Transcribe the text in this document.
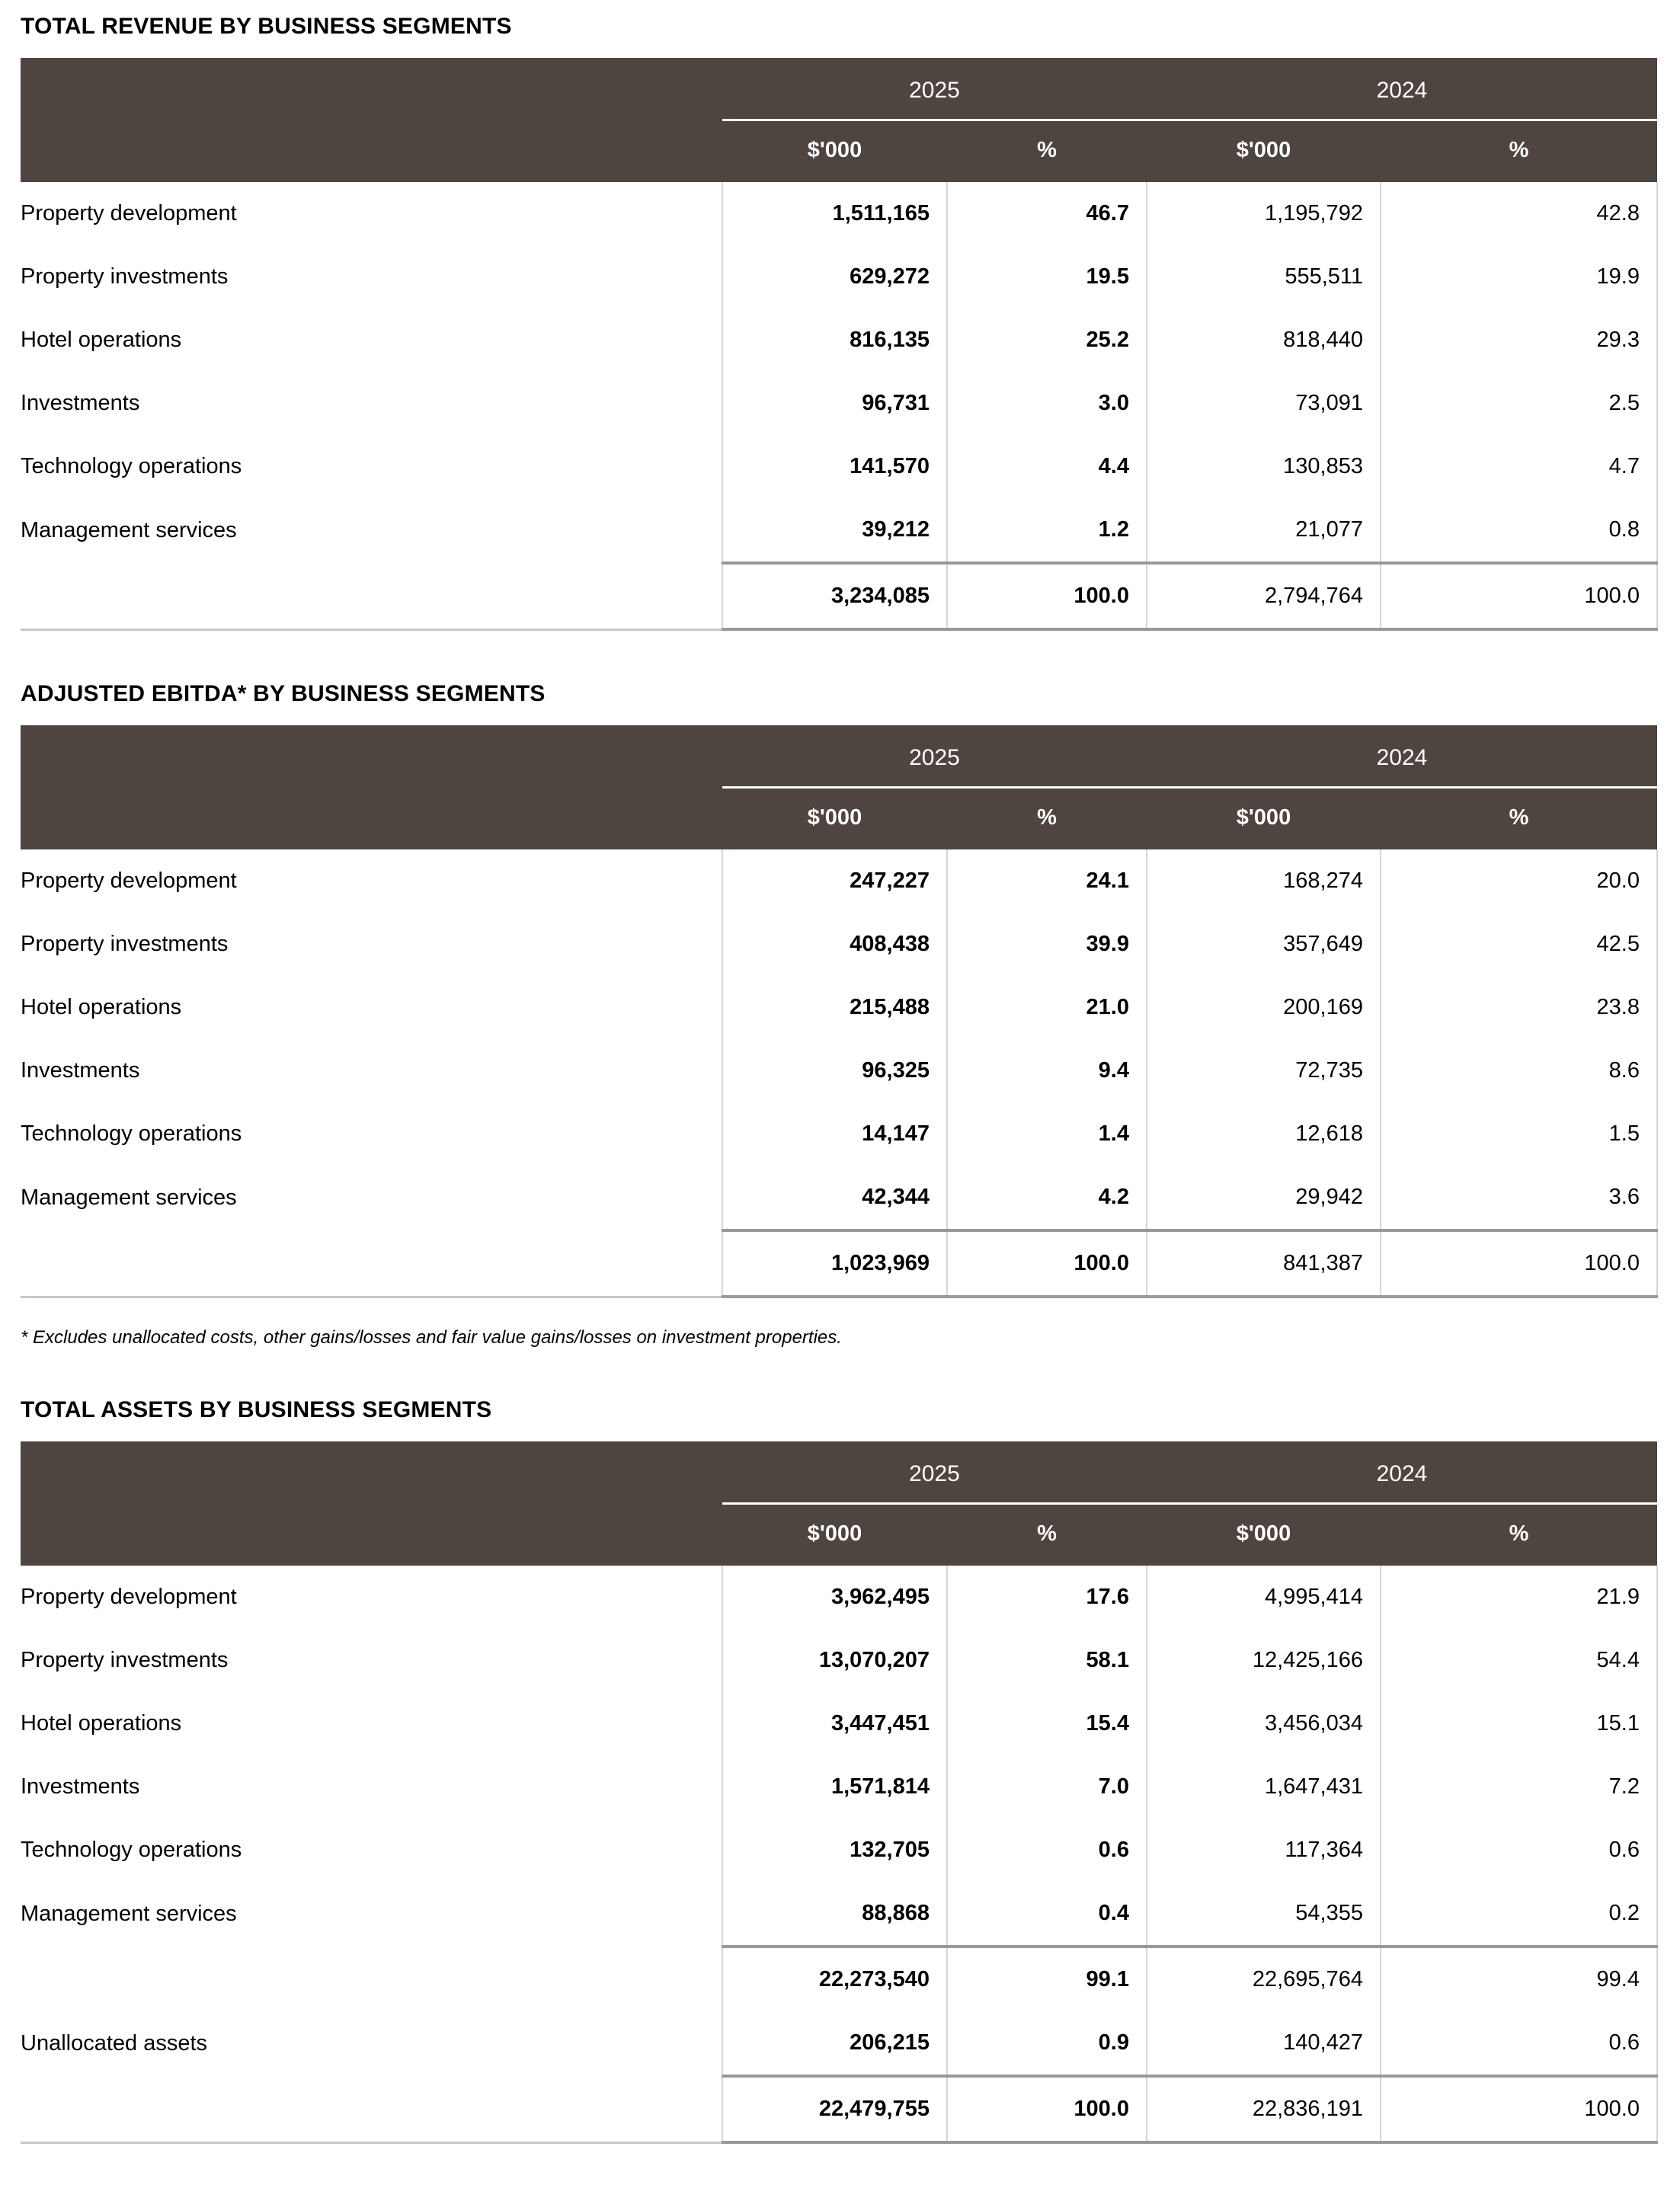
TOTAL REVENUE BY BUSINESS SEGMENTS
	2025		2024	
	$'000	%	$'000	%
Property development	1,511,165	46.7	1,195,792	42.8
Property investments	629,272	19.5	555,511	19.9
Hotel operations	816,135	25.2	818,440	29.3
Investments	96,731	3.0	73,091	2.5
Technology operations	141,570	4.4	130,853	4.7
Management services	39,212	1.2	21,077	0.8
	3,234,085	100.0	2,794,764	100.0

ADJUSTED EBITDA* BY BUSINESS SEGMENTS
	2025		2024	
	$'000	%	$'000	%
Property development	247,227	24.1	168,274	20.0
Property investments	408,438	39.9	357,649	42.5
Hotel operations	215,488	21.0	200,169	23.8
Investments	96,325	9.4	72,735	8.6
Technology operations	14,147	1.4	12,618	1.5
Management services	42,344	4.2	29,942	3.6
	1,023,969	100.0	841,387	100.0

* Excludes unallocated costs, other gains/losses and fair value gains/losses on investment properties.
TOTAL ASSETS BY BUSINESS SEGMENTS
	2025		2024	
	$'000	%	$'000	%
Property development	3,962,495	17.6	4,995,414	21.9
Property investments	13,070,207	58.1	12,425,166	54.4
Hotel operations	3,447,451	15.4	3,456,034	15.1
Investments	1,571,814	7.0	1,647,431	7.2
Technology operations	132,705	0.6	117,364	0.6
Management services	88,868	0.4	54,355	0.2
	22,273,540	99.1	22,695,764	99.4
Unallocated assets	206,215	0.9	140,427	0.6
	22,479,755	100.0	22,836,191	100.0
